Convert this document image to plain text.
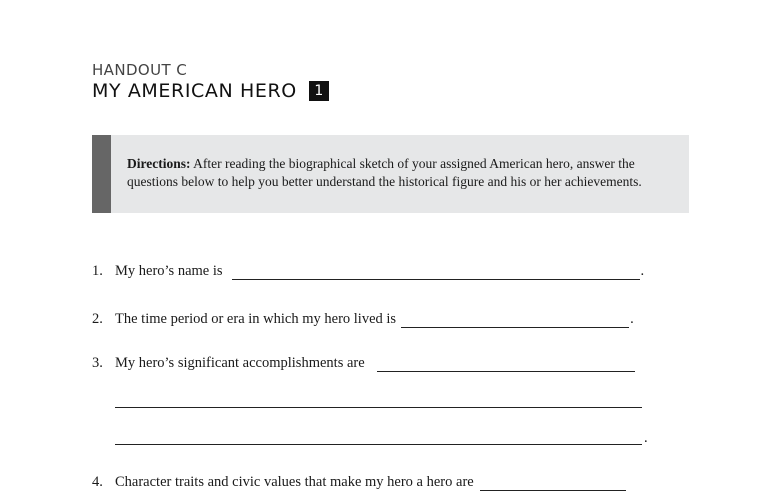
HANDOUT C
MY AMERICAN HERO	1
Directions: After reading the biographical sketch of your assigned American hero, answer the
questions below to help you better understand the historical figure and his or her achievements.
1. My hero’s name is	.
2. The time period or era in which my hero lived is	.
3. My hero’s significant accomplishments are
.
4. Character traits and civic values that make my hero a hero are
